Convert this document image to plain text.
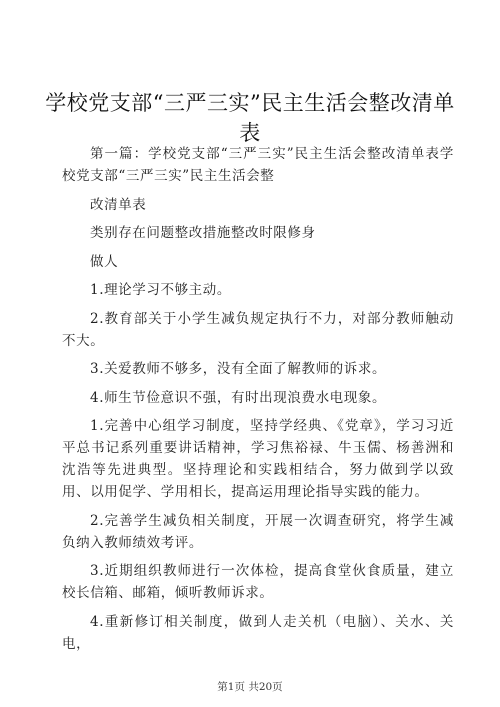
学校党支部“三严三实”民主生活会整改清单表

第一篇：学校党支部“三严三实”民主生活会整改清单表学校党支部“三严三实”民主生活会整

改清单表

类别存在问题整改措施整改时限修身

做人

1.理论学习不够主动。

2.教育部关于小学生减负规定执行不力，对部分教师触动不大。

3.关爱教师不够多，没有全面了解教师的诉求。

4.师生节俭意识不强，有时出现浪费水电现象。

1.完善中心组学习制度，坚持学经典、《党章》，学习习近平总书记系列重要讲话精神，学习焦裕禄、牛玉儒、杨善洲和沈浩等先进典型。坚持理论和实践相结合，努力做到学以致用、以用促学、学用相长，提高运用理论指导实践的能力。

2.完善学生减负相关制度，开展一次调查研究，将学生减负纳入教师绩效考评。

3.近期组织教师进行一次体检，提高食堂伙食质量，建立校长信箱、邮箱，倾听教师诉求。

4.重新修订相关制度，做到人走关机（电脑）、关水、关电，

第1页 共20页
